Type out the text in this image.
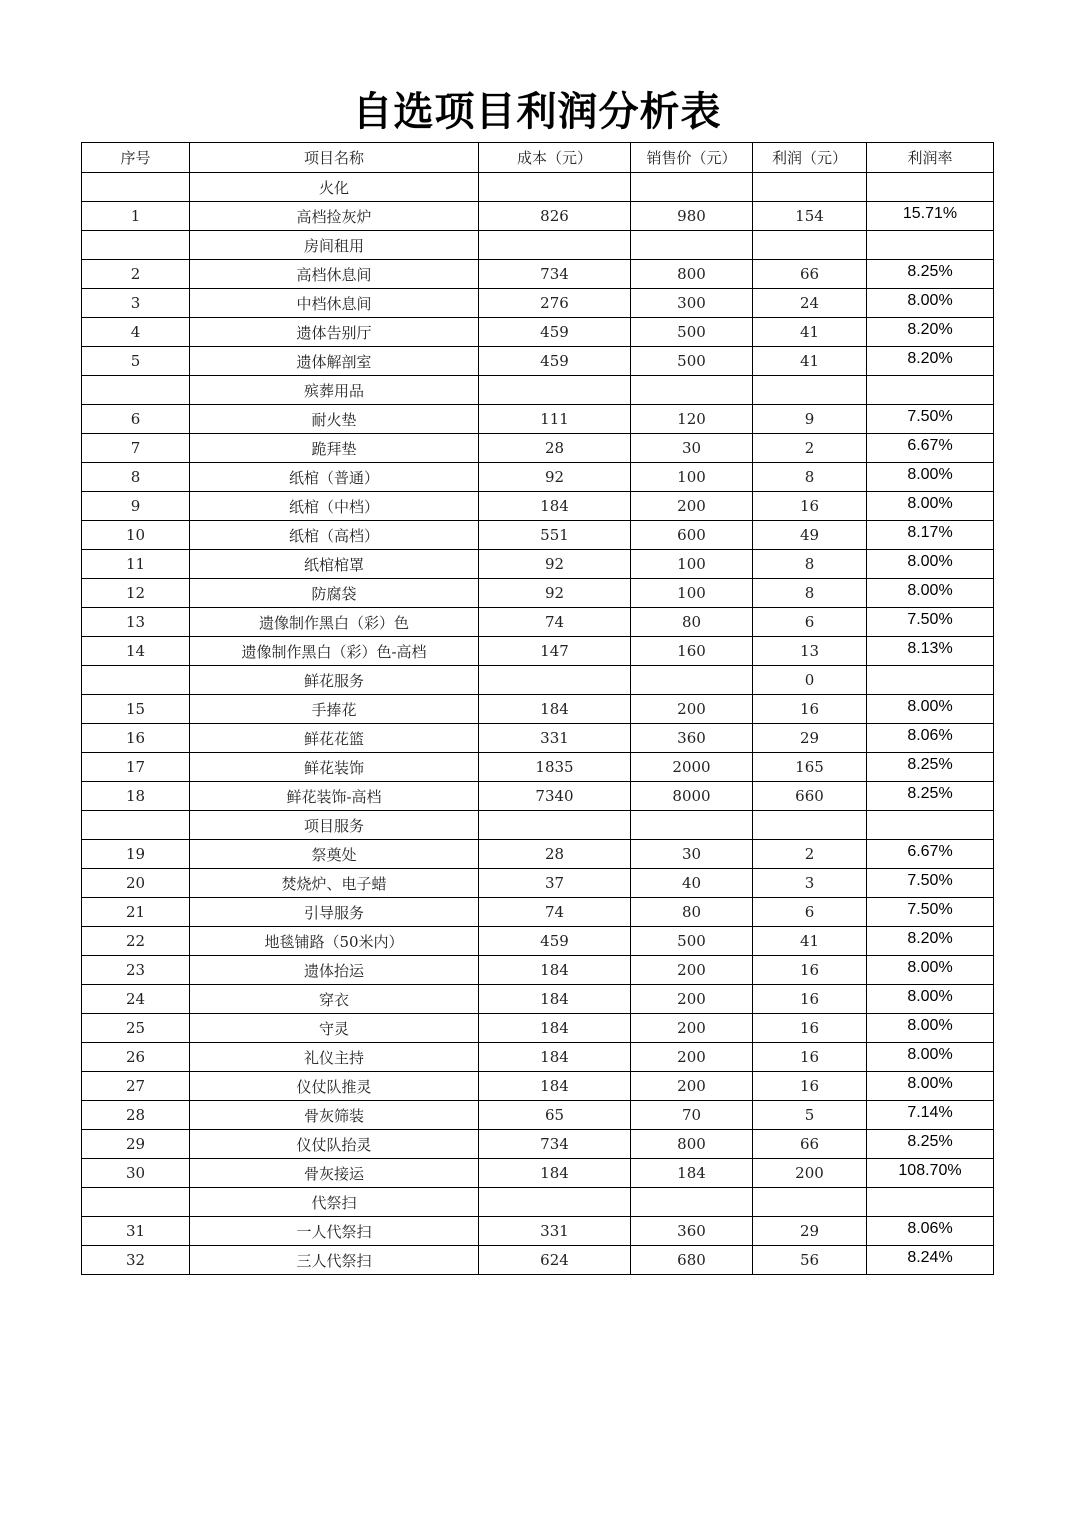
自选项目利润分析表
序号	项目名称	成本（元）	销售价（元）	利润（元）	利润率
	火化				
1	高档捡灰炉	826	980	154	15.71%
	房间租用				
2	高档休息间	734	800	66	8.25%
3	中档休息间	276	300	24	8.00%
4	遗体告别厅	459	500	41	8.20%
5	遗体解剖室	459	500	41	8.20%
	殡葬用品				
6	耐火垫	111	120	9	7.50%
7	跪拜垫	28	30	2	6.67%
8	纸棺（普通）	92	100	8	8.00%
9	纸棺（中档）	184	200	16	8.00%
10	纸棺（高档）	551	600	49	8.17%
11	纸棺棺罩	92	100	8	8.00%
12	防腐袋	92	100	8	8.00%
13	遗像制作黑白（彩）色	74	80	6	7.50%
14	遗像制作黑白（彩）色-高档	147	160	13	8.13%
	鲜花服务			0	
15	手捧花	184	200	16	8.00%
16	鲜花花篮	331	360	29	8.06%
17	鲜花装饰	1835	2000	165	8.25%
18	鲜花装饰-高档	7340	8000	660	8.25%
	项目服务				
19	祭奠处	28	30	2	6.67%
20	焚烧炉、电子蜡	37	40	3	7.50%
21	引导服务	74	80	6	7.50%
22	地毯铺路（50米内）	459	500	41	8.20%
23	遗体抬运	184	200	16	8.00%
24	穿衣	184	200	16	8.00%
25	守灵	184	200	16	8.00%
26	礼仪主持	184	200	16	8.00%
27	仪仗队推灵	184	200	16	8.00%
28	骨灰筛装	65	70	5	7.14%
29	仪仗队抬灵	734	800	66	8.25%
30	骨灰接运	184	184	200	108.70%
	代祭扫				
31	一人代祭扫	331	360	29	8.06%
32	三人代祭扫	624	680	56	8.24%
